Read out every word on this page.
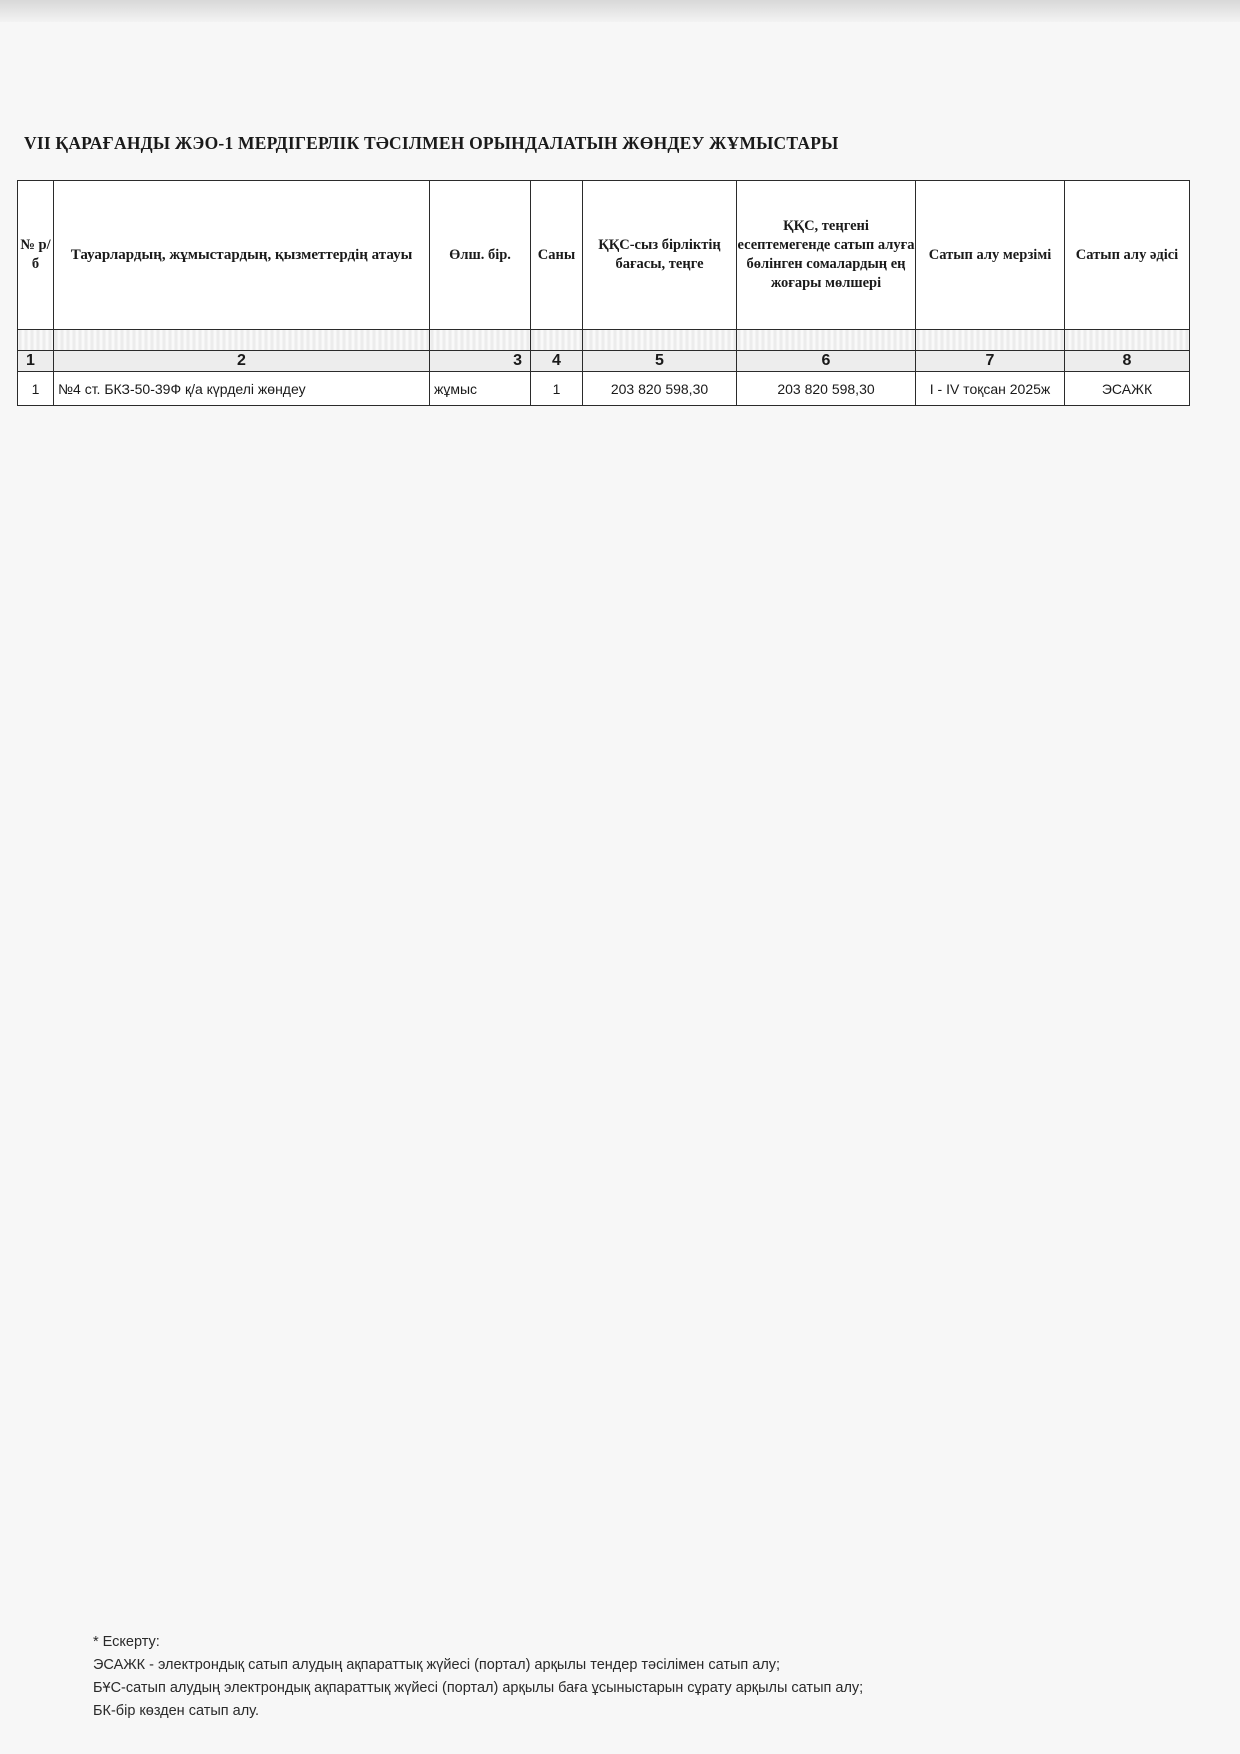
VII ҚАРАҒАНДЫ ЖЭО-1 МЕРДІГЕРЛІК ТӘСІЛМЕН ОРЫНДАЛАТЫН ЖӨНДЕУ ЖҰМЫСТАРЫ
№ р/б	Тауарлардың, жұмыстардың, қызметтердің атауы	Өлш. бір.	Саны	ҚҚС-сыз бірліктің бағасы, теңге	ҚҚС, теңгені есептемегенде сатып алуға бөлінген сомалардың ең жоғары мөлшері	Сатып алу мерзімі	Сатып алу әдісі

1	2	3	4	5	6	7	8
1	№4 ст. БКЗ-50-39Ф қ/а күрделі жөндеу	жұмыс	1	203 820 598,30	203 820 598,30	I - IV тоқсан 2025ж	ЭСАЖК
* Ескерту:
ЭСАЖК - электрондық сатып алудың ақпараттық жүйесі (портал) арқылы тендер тәсілімен сатып алу;
БҰС-сатып алудың электрондық ақпараттық жүйесі (портал) арқылы баға ұсыныстарын сұрату арқылы сатып алу;
БК-бір көзден сатып алу.
